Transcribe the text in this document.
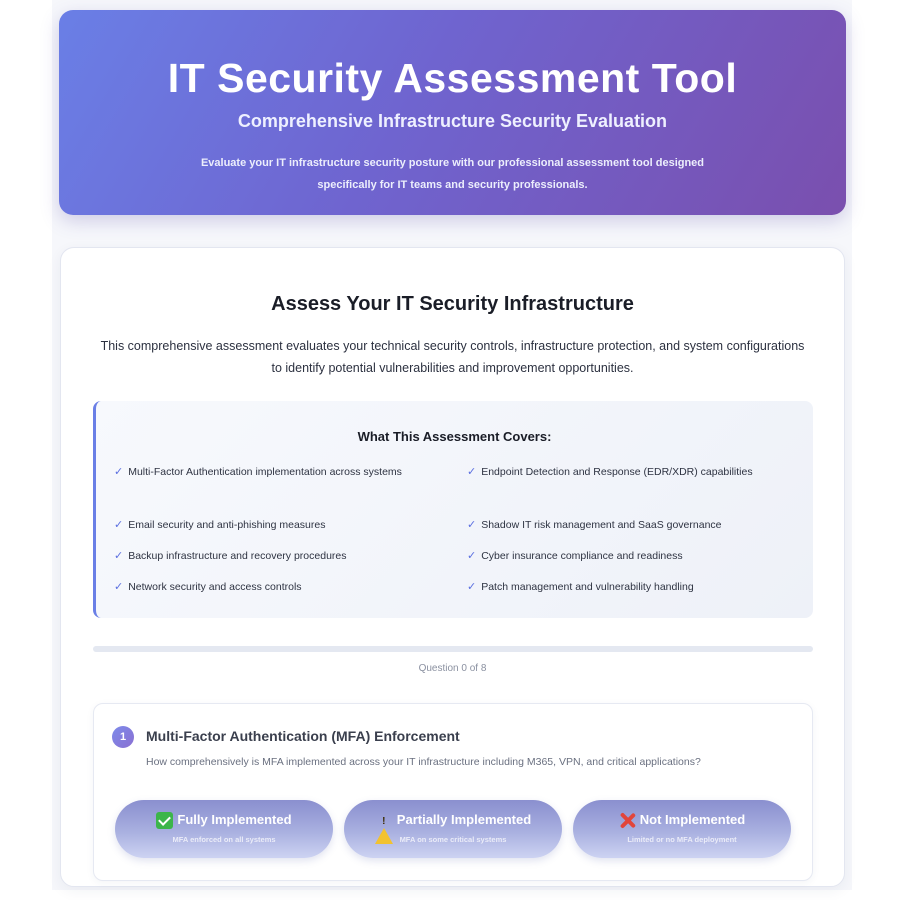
IT Security Assessment Tool
Comprehensive Infrastructure Security Evaluation

Evaluate your IT infrastructure security posture with our professional assessment tool designed specifically for IT teams and security professionals.

Assess Your IT Security Infrastructure

This comprehensive assessment evaluates your technical security controls, infrastructure protection, and system configurations to identify potential vulnerabilities and improvement opportunities.

What This Assessment Covers:
✓ Multi-Factor Authentication implementation across systems	✓ Endpoint Detection and Response (EDR/XDR) capabilities
✓ Email security and anti-phishing measures	✓ Shadow IT risk management and SaaS governance
✓ Backup infrastructure and recovery procedures	✓ Cyber insurance compliance and readiness
✓ Network security and access controls	✓ Patch management and vulnerability handling
Question 0 of 8
1	Multi-Factor Authentication (MFA) Enforcement
How comprehensively is MFA implemented across your IT infrastructure including M365, VPN, and critical applications?
Fully Implemented
MFA enforced on all systems
! Partially Implemented
MFA on some critical systems
Not Implemented
Limited or no MFA deployment
